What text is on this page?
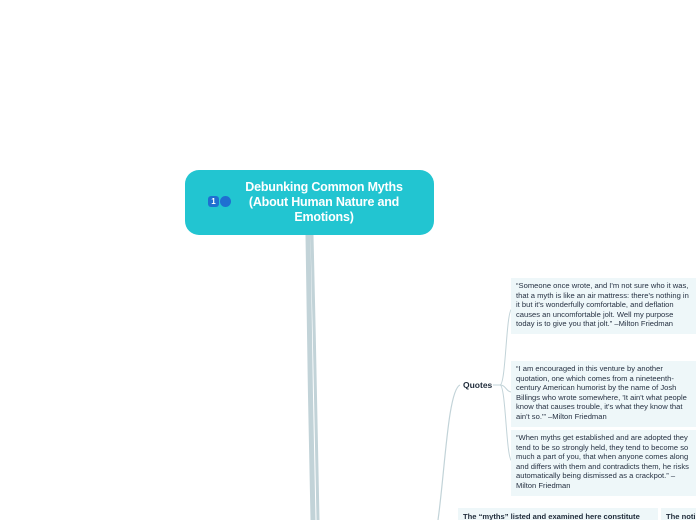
1
Debunking Common Myths (About Human Nature and Emotions)
Quotes
“Someone once wrote, and I'm not sure who it was, that a myth is like an air mattress: there's nothing in it but it's wonderfully comfortable, and deflation causes an uncomfortable jolt. Well my purpose today is to give you that jolt.” –Milton Friedman
“I am encouraged in this venture by another quotation, one which comes from a nineteenth-century American humorist by the name of Josh Billings who wrote somewhere, 'It ain't what people know that causes trouble, it's what they know that ain't so.'” –Milton Friedman
“When myths get established and are adopted they tend to be so strongly held, they tend to become so much a part of you, that when anyone comes along and differs with them and contradicts them, he risks automatically being dismissed as a crackpot.” –Milton Friedman
The “myths” listed and examined here constitute	The noti
